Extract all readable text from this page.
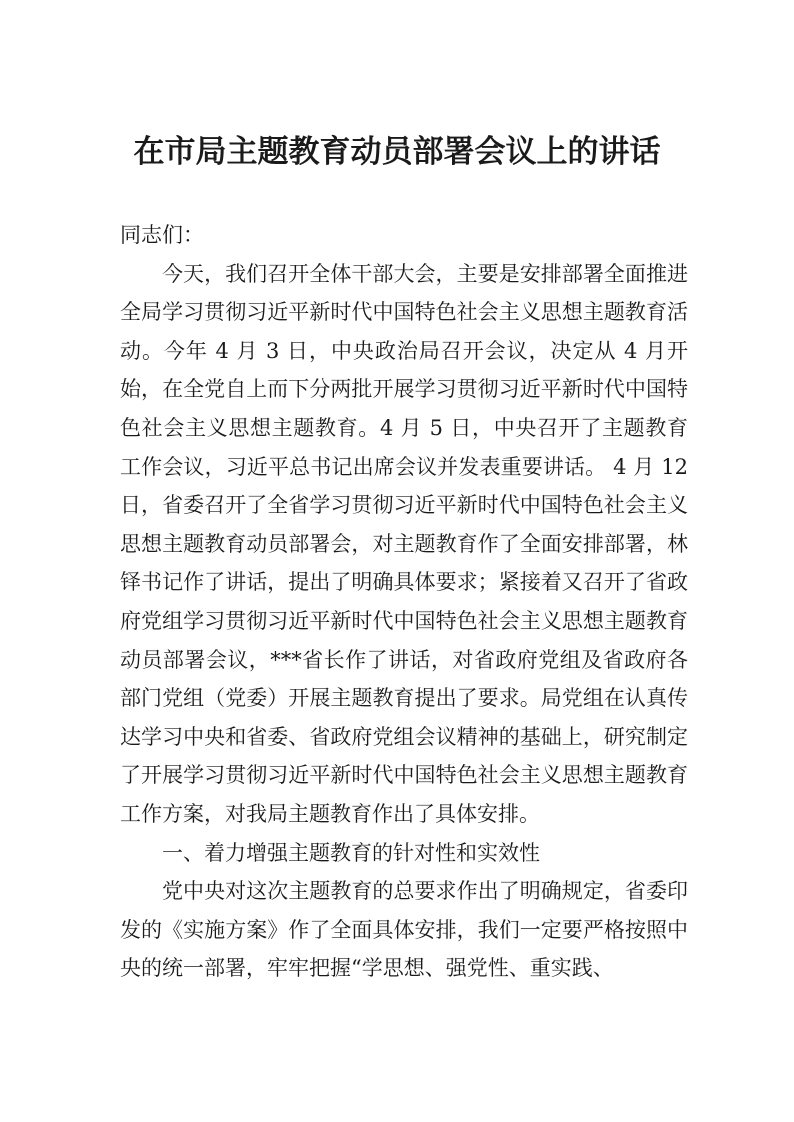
在市局主题教育动员部署会议上的讲话

同志们：

今天，我们召开全体干部大会，主要是安排部署全面推进全局学习贯彻习近平新时代中国特色社会主义思想主题教育活动。今年 4 月 3 日，中央政治局召开会议，决定从 4 月开始，在全党自上而下分两批开展学习贯彻习近平新时代中国特色社会主义思想主题教育。4 月 5 日，中央召开了主题教育工作会议，习近平总书记出席会议并发表重要讲话。 4 月 12 日，省委召开了全省学习贯彻习近平新时代中国特色社会主义思想主题教育动员部署会，对主题教育作了全面安排部署，林铎书记作了讲话，提出了明确具体要求；紧接着又召开了省政府党组学习贯彻习近平新时代中国特色社会主义思想主题教育动员部署会议，***省长作了讲话，对省政府党组及省政府各部门党组（党委）开展主题教育提出了要求。局党组在认真传达学习中央和省委、省政府党组会议精神的基础上，研究制定了开展学习贯彻习近平新时代中国特色社会主义思想主题教育工作方案，对我局主题教育作出了具体安排。

一、着力增强主题教育的针对性和实效性

党中央对这次主题教育的总要求作出了明确规定，省委印发的《实施方案》作了全面具体安排，我们一定要严格按照中央的统一部署，牢牢把握“学思想、强党性、重实践、
